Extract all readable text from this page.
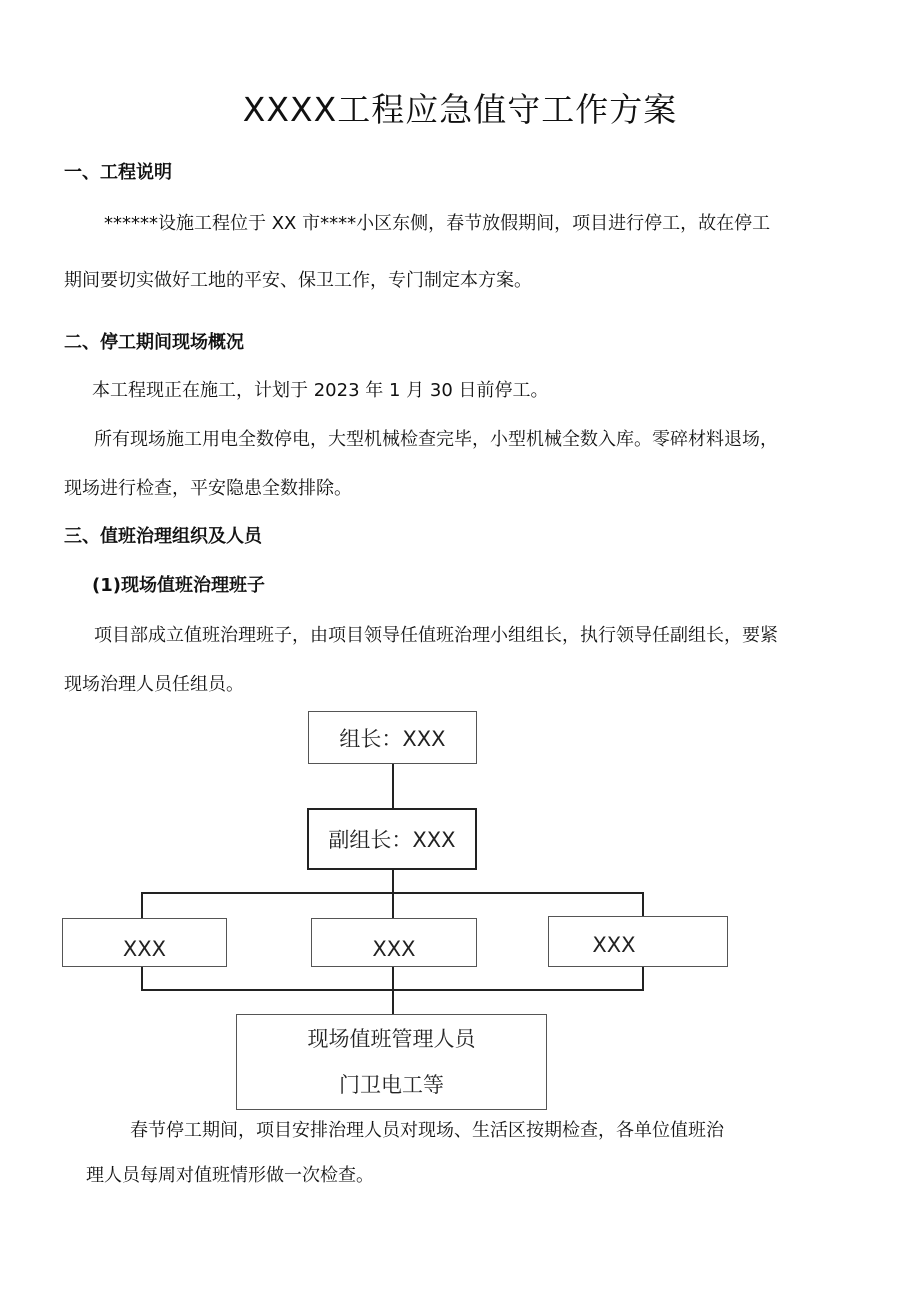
XXXX工程应急值守工作方案
一、工程说明
******设施工程位于 XX 市****小区东侧，春节放假期间，项目进行停工，故在停工
期间要切实做好工地的平安、保卫工作，专门制定本方案。
二、停工期间现场概况
本工程现正在施工，计划于 2023 年 1 月 30 日前停工。
所有现场施工用电全数停电，大型机械检查完毕，小型机械全数入库。零碎材料退场，
现场进行检查，平安隐患全数排除。
三、值班治理组织及人员
(1)现场值班治理班子
项目部成立值班治理班子，由项目领导任值班治理小组组长，执行领导任副组长，要紧
现场治理人员任组员。
组长：XXX
副组长：XXX
XXX	XXX	XXX
现场值班管理人员
门卫电工等
春节停工期间，项目安排治理人员对现场、生活区按期检查，各单位值班治
理人员每周对值班情形做一次检查。
